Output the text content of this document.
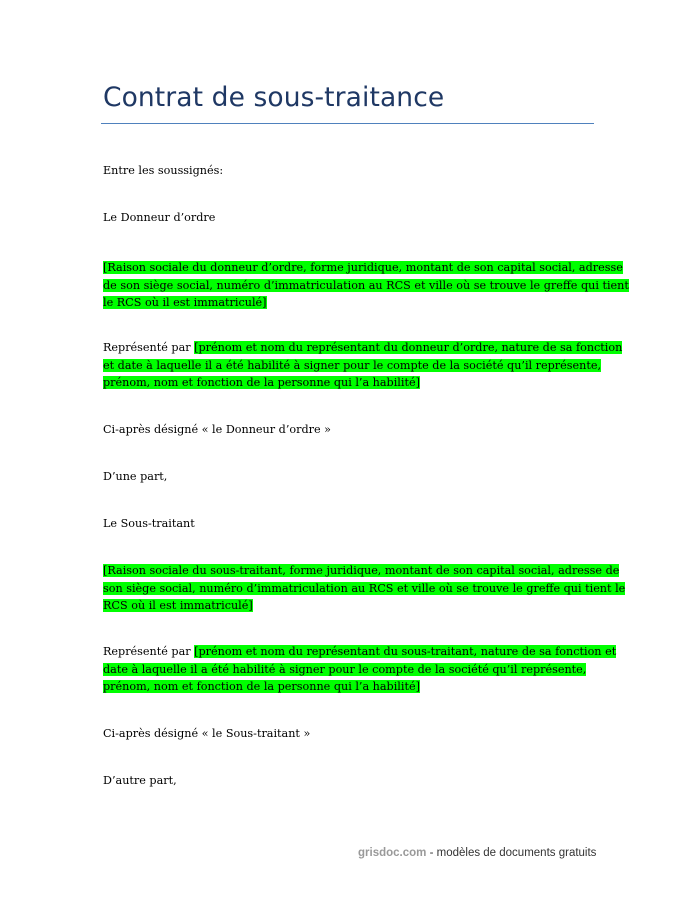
Contrat de sous-traitance
Entre les soussignés:
Le Donneur d’ordre
[Raison sociale du donneur d’ordre, forme juridique, montant de son capital social, adresse
de son siège social, numéro d’immatriculation au RCS et ville où se trouve le greffe qui tient
le RCS où il est immatriculé]
Représenté par [prénom et nom du représentant du donneur d’ordre, nature de sa fonction
et date à laquelle il a été habilité à signer pour le compte de la société qu’il représente,
prénom, nom et fonction de la personne qui l’a habilité]
Ci-après désigné « le Donneur d’ordre »
D’une part,
Le Sous-traitant
[Raison sociale du sous-traitant, forme juridique, montant de son capital social, adresse de
son siège social, numéro d’immatriculation au RCS et ville où se trouve le greffe qui tient le
RCS où il est immatriculé]
Représenté par [prénom et nom du représentant du sous-traitant, nature de sa fonction et
date à laquelle il a été habilité à signer pour le compte de la société qu’il représente,
prénom, nom et fonction de la personne qui l’a habilité]
Ci-après désigné « le Sous-traitant »
D’autre part,
grisdoc.com - modèles de documents gratuits
